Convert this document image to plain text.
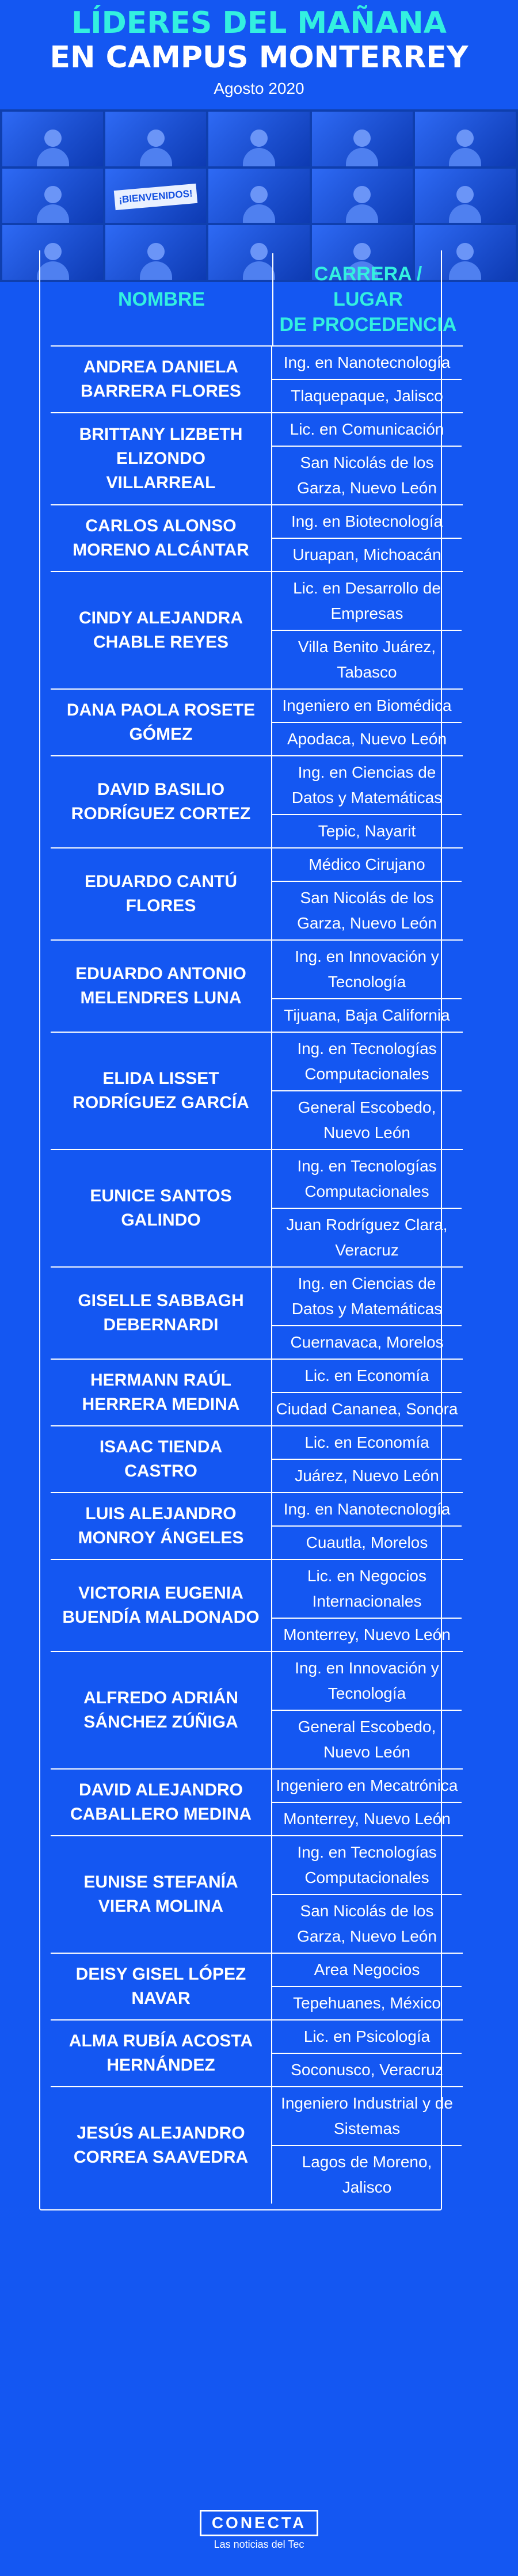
LÍDERES DEL MAÑANA
EN CAMPUS MONTERREY
Agosto 2020
¡BIENVENIDOS!
NOMBRE
CARRERA /
LUGAR
DE PROCEDENCIA
ANDREA DANIELA BARRERA FLORES
Ing. en Nanotecnología
Tlaquepaque, Jalisco
BRITTANY LIZBETH ELIZONDO VILLARREAL
Lic. en Comunicación
San Nicolás de los Garza, Nuevo León
CARLOS ALONSO MORENO ALCÁNTAR
Ing. en Biotecnología
Uruapan, Michoacán
CINDY ALEJANDRA CHABLE REYES
Lic. en Desarrollo de Empresas
Villa Benito Juárez, Tabasco
DANA PAOLA ROSETE GÓMEZ
Ingeniero en Biomédica
Apodaca, Nuevo León
DAVID BASILIO RODRÍGUEZ CORTEZ
Ing. en Ciencias de Datos y Matemáticas
Tepic, Nayarit
EDUARDO CANTÚ FLORES
Médico Cirujano
San Nicolás de los Garza, Nuevo León
EDUARDO ANTONIO MELENDRES LUNA
Ing. en Innovación y Tecnología
Tijuana, Baja California
ELIDA LISSET RODRÍGUEZ GARCÍA
Ing. en Tecnologías Computacionales
General Escobedo, Nuevo León
EUNICE SANTOS GALINDO
Ing. en Tecnologías Computacionales
Juan Rodríguez Clara, Veracruz
GISELLE SABBAGH DEBERNARDI
Ing. en Ciencias de Datos y Matemáticas
Cuernavaca, Morelos
HERMANN RAÚL HERRERA MEDINA
Lic. en Economía
Ciudad Cananea, Sonora
ISAAC TIENDA CASTRO
Lic. en Economía
Juárez, Nuevo León
LUIS ALEJANDRO MONROY ÁNGELES
Ing. en Nanotecnología
Cuautla, Morelos
VICTORIA EUGENIA BUENDÍA MALDONADO
Lic. en Negocios Internacionales
Monterrey, Nuevo León
ALFREDO ADRIÁN SÁNCHEZ ZÚÑIGA
Ing. en Innovación y Tecnología
General Escobedo, Nuevo León
DAVID ALEJANDRO CABALLERO MEDINA
Ingeniero en Mecatrónica
Monterrey, Nuevo León
EUNISE STEFANÍA VIERA MOLINA
Ing. en Tecnologías Computacionales
San Nicolás de los Garza, Nuevo León
DEISY GISEL LÓPEZ NAVAR
Area Negocios
Tepehuanes, México
ALMA RUBÍA ACOSTA HERNÁNDEZ
Lic. en Psicología
Soconusco, Veracruz
JESÚS ALEJANDRO CORREA SAAVEDRA
Ingeniero Industrial y de Sistemas
Lagos de Moreno, Jalisco
CONECTA
Las noticias del Tec
